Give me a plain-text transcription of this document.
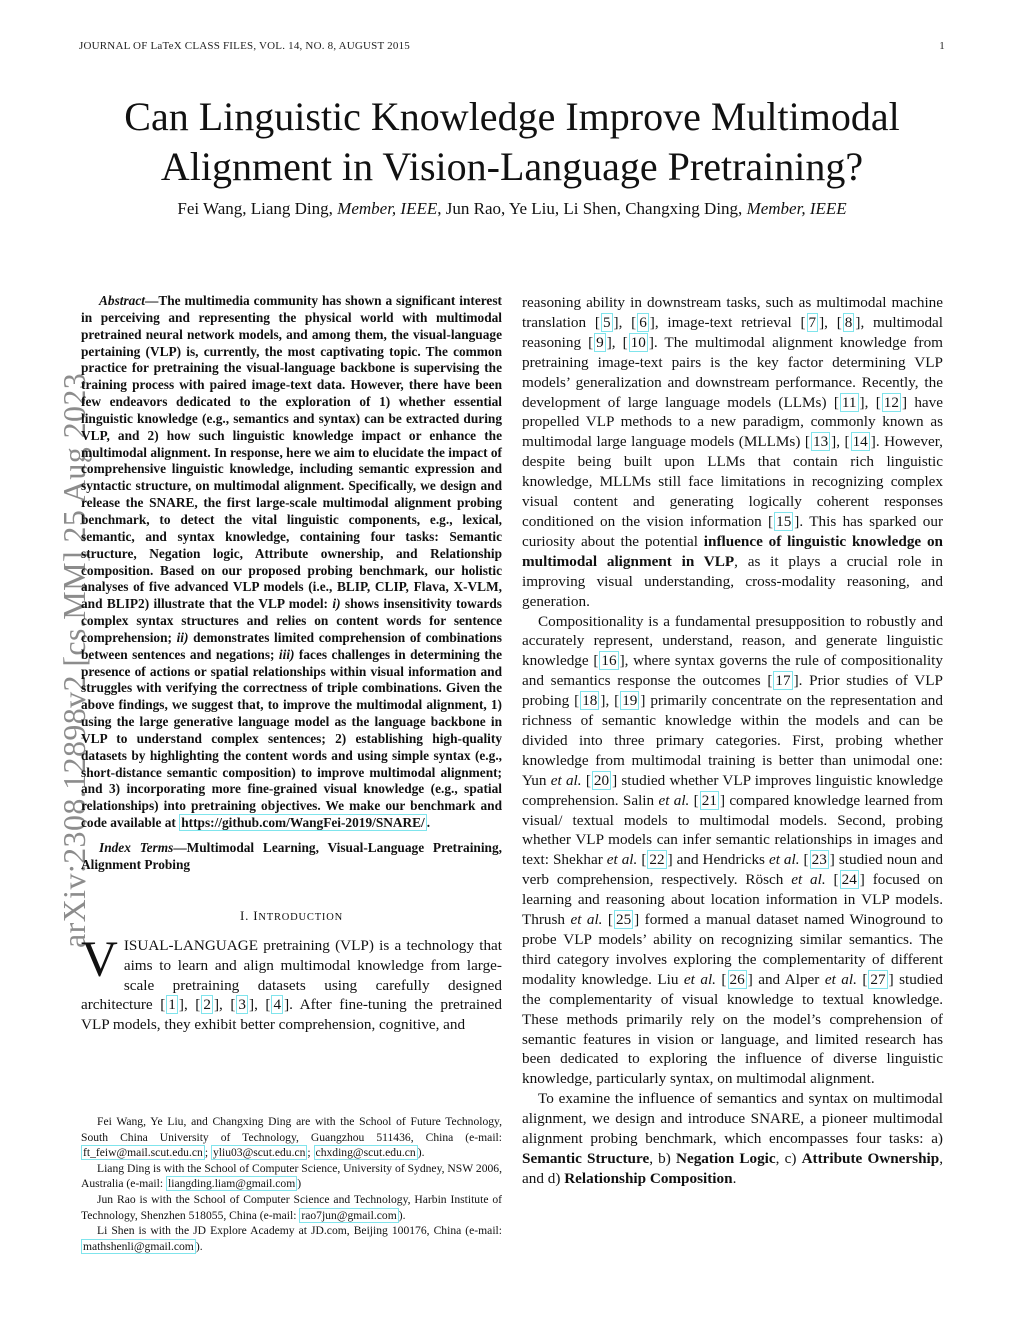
JOURNAL OF LaTeX CLASS FILES, VOL. 14, NO. 8, AUGUST 2015	1
Can Linguistic Knowledge Improve Multimodal
Alignment in Vision-Language Pretraining?
Fei Wang, Liang Ding, Member, IEEE, Jun Rao, Ye Liu, Li Shen, Changxing Ding, Member, IEEE
arXiv:2308.12898v2 [cs.MM] 25 Aug 2023

Abstract—The multimedia community has shown a significant interest in perceiving and representing the physical world with multimodal pretrained neural network models, and among them, the visual-language pertaining (VLP) is, currently, the most captivating topic. The common practice for pretraining the visual-language backbone is supervising the training process with paired image-text data. However, there have been few endeavors dedicated to the exploration of 1) whether essential linguistic knowledge (e.g., semantics and syntax) can be extracted during VLP, and 2) how such linguistic knowledge impact or enhance the multimodal alignment. In response, here we aim to elucidate the impact of comprehensive linguistic knowledge, including semantic expression and syntactic structure, on multimodal alignment. Specifically, we design and release the SNARE, the first large-scale multimodal alignment probing benchmark, to detect the vital linguistic components, e.g., lexical, semantic, and syntax knowledge, containing four tasks: Semantic structure, Negation logic, Attribute ownership, and Relationship composition. Based on our proposed probing benchmark, our holistic analyses of five advanced VLP models (i.e., BLIP, CLIP, Flava, X-VLM, and BLIP2) illustrate that the VLP model: i) shows insensitivity towards complex syntax structures and relies on content words for sentence comprehension; ii) demonstrates limited comprehension of combinations between sentences and negations; iii) faces challenges in determining the presence of actions or spatial relationships within visual information and struggles with verifying the correctness of triple combinations. Given the above findings, we suggest that, to improve the multimodal alignment, 1) using the large generative language model as the language backbone in VLP to understand complex sentences; 2) establishing high-quality datasets by highlighting the content words and using simple syntax (e.g., short-distance semantic composition) to improve multimodal alignment; and 3) incorporating more fine-grained visual knowledge (e.g., spatial relationships) into pretraining objectives. We make our benchmark and code available at https://github.com/WangFei-2019/SNARE/ .

Index Terms—Multimodal Learning, Visual-Language Pretraining, Alignment Probing

I. INTRODUCTION

VISUAL-LANGUAGE pretraining (VLP) is a technology that aims to learn and align multimodal knowledge from large-scale pretraining datasets using carefully designed architecture [ 1 ], [ 2 ], [ 3 ], [ 4 ]. After fine-tuning the pretrained VLP models, they exhibit better comprehension, cognitive, and

Fei Wang, Ye Liu, and Changxing Ding are with the School of Future Technology, South China University of Technology, Guangzhou 511436, China (e-mail: ft_feiw@mail.scut.edu.cn ; yliu03@scut.edu.cn ; chxding@scut.edu.cn ).

Liang Ding is with the School of Computer Science, University of Sydney, NSW 2006, Australia (e-mail: liangding.liam@gmail.com )

Jun Rao is with the School of Computer Science and Technology, Harbin Institute of Technology, Shenzhen 518055, China (e-mail: rao7jun@gmail.com ).

Li Shen is with the JD Explore Academy at JD.com, Beijing 100176, China (e-mail: mathshenli@gmail.com ).

reasoning ability in downstream tasks, such as multimodal machine translation [ 5 ], [ 6 ], image-text retrieval [ 7 ], [ 8 ], multimodal reasoning [ 9 ], [ 10 ]. The multimodal alignment knowledge from pretraining image-text pairs is the key factor determining VLP models’ generalization and downstream performance. Recently, the development of large language models (LLMs) [ 11 ], [ 12 ] have propelled VLP methods to a new paradigm, commonly known as multimodal large language models (MLLMs) [ 13 ], [ 14 ]. However, despite being built upon LLMs that contain rich linguistic knowledge, MLLMs still face limitations in recognizing complex visual content and generating logically coherent responses conditioned on the vision information [ 15 ]. This has sparked our curiosity about the potential influence of linguistic knowledge on multimodal alignment in VLP, as it plays a crucial role in improving visual understanding, cross-modality reasoning, and generation.

Compositionality is a fundamental presupposition to robustly and accurately represent, understand, reason, and generate linguistic knowledge [ 16 ], where syntax governs the rule of compositionality and semantics response the outcomes [ 17 ]. Prior studies of VLP probing [ 18 ], [ 19 ] primarily concentrate on the representation and richness of semantic knowledge within the models and can be divided into three primary categories. First, probing whether knowledge from multimodal training is better than unimodal one: Yun et al. [ 20 ] studied whether VLP improves linguistic knowledge comprehension. Salin et al. [ 21 ] compared knowledge learned from visual/ textual models to multimodal models. Second, probing whether VLP models can infer semantic relationships in images and text: Shekhar et al. [ 22 ] and Hendricks et al. [ 23 ] studied noun and verb comprehension, respectively. Rösch et al. [ 24 ] focused on learning and reasoning about location information in VLP models. Thrush et al. [ 25 ] formed a manual dataset named Winoground to probe VLP models’ ability on recognizing similar semantics. The third category involves exploring the complementarity of different modality knowledge. Liu et al. [ 26 ] and Alper et al. [ 27 ] studied the complementarity of visual knowledge to textual knowledge. These methods primarily rely on the model’s comprehension of semantic features in vision or language, and limited research has been dedicated to exploring the influence of diverse linguistic knowledge, particularly syntax, on multimodal alignment.

To examine the influence of semantics and syntax on multimodal alignment, we design and introduce SNARE, a pioneer multimodal alignment probing benchmark, which encompasses four tasks: a) Semantic Structure, b) Negation Logic, c) Attribute Ownership, and d) Relationship Composition.
